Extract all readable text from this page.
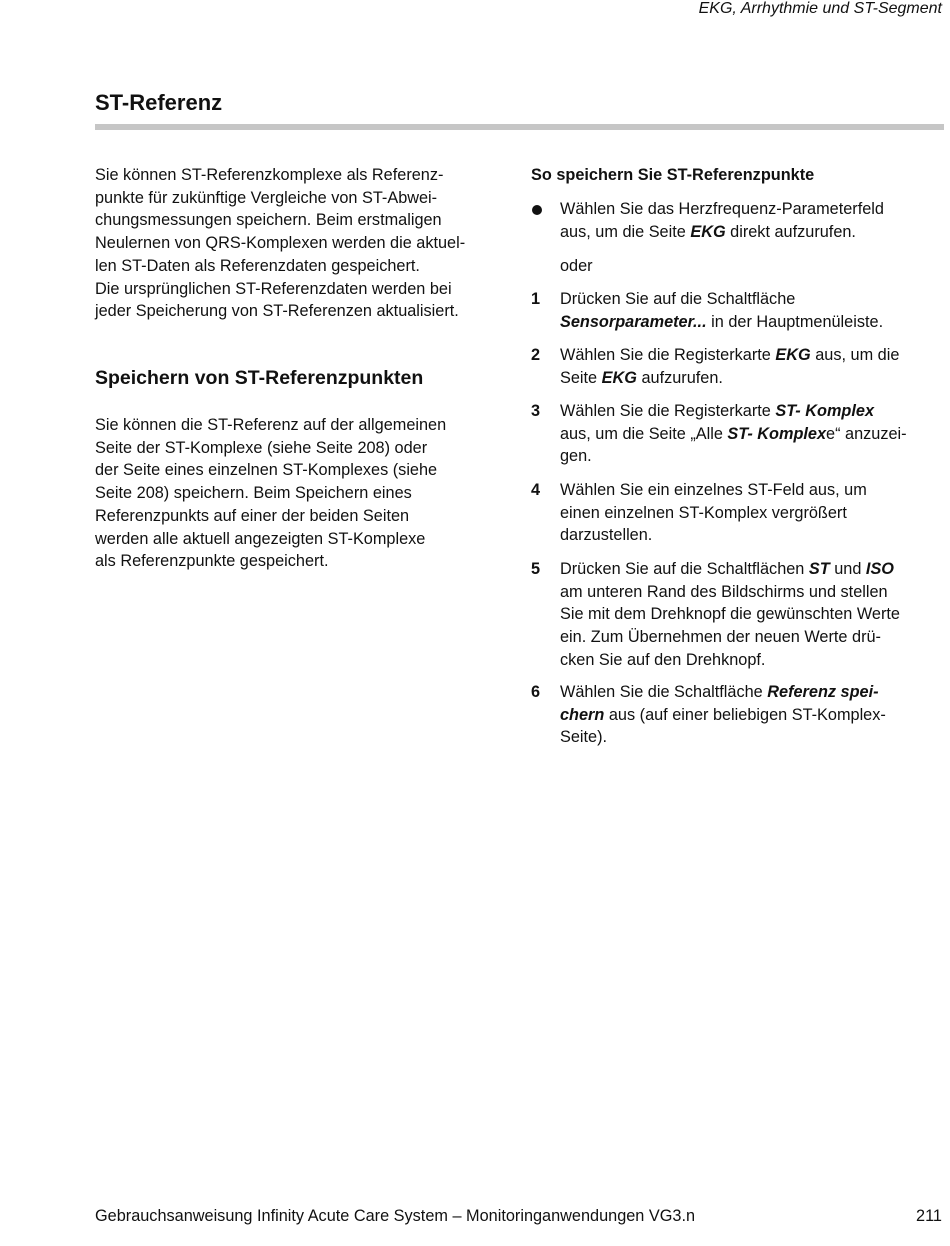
EKG, Arrhythmie und ST-Segment
ST-Referenz

Sie können ST-Referenzkomplexe als Referenz-
punkte für zukünftige Vergleiche von ST-Abwei-
chungsmessungen speichern. Beim erstmaligen
Neulernen von QRS-Komplexen werden die aktuel-
len ST-Daten als Referenzdaten gespeichert.
Die ursprünglichen ST-Referenzdaten werden bei
jeder Speicherung von ST-Referenzen aktualisiert.

Speichern von ST-Referenzpunkten

Sie können die ST-Referenz auf der allgemeinen
Seite der ST-Komplexe (siehe Seite 208) oder
der Seite eines einzelnen ST-Komplexes (siehe
Seite 208) speichern. Beim Speichern eines
Referenzpunkts auf einer der beiden Seiten
werden alle aktuell angezeigten ST-Komplexe
als Referenzpunkte gespeichert.

So speichern Sie ST-Referenzpunkte
Wählen Sie das Herzfrequenz-Parameterfeld
aus, um die Seite EKG direkt aufzurufen.
oder
1	Drücken Sie auf die Schaltfläche
Sensorparameter... in der Hauptmenüleiste.
2	Wählen Sie die Registerkarte EKG aus, um die
Seite EKG aufzurufen.
3	Wählen Sie die Registerkarte ST- Komplex
aus, um die Seite „Alle ST- Komplexe“ anzuzei-
gen.
4	Wählen Sie ein einzelnes ST-Feld aus, um
einen einzelnen ST-Komplex vergrößert
darzustellen.
5	Drücken Sie auf die Schaltflächen ST und ISO
am unteren Rand des Bildschirms und stellen
Sie mit dem Drehknopf die gewünschten Werte
ein. Zum Übernehmen der neuen Werte drü-
cken Sie auf den Drehknopf.
6	Wählen Sie die Schaltfläche Referenz spei-
chern aus (auf einer beliebigen ST-Komplex-
Seite).
Gebrauchsanweisung Infinity Acute Care System – Monitoringanwendungen VG3.n	211
